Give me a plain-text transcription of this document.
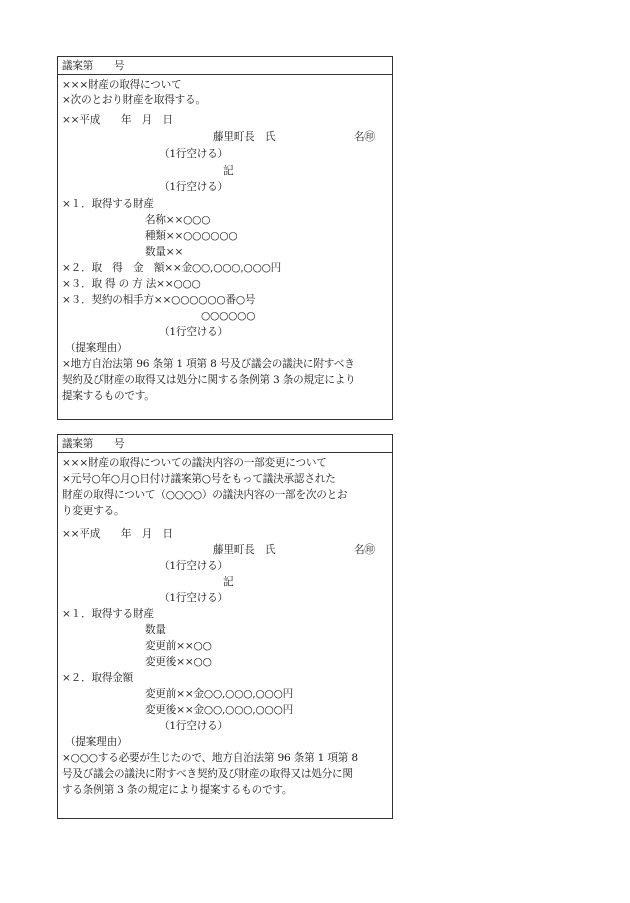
議案第　　号
×××財産の取得について
×次のとおり財産を取得する。
××平成　　年　月　日
藤里町長　氏	名㊞
（1行空ける）
記
（1行空ける）
×１．取得する財産
名称××○○○
種類××○○○○○○
数量××
×２．取　得　金　額××金○○,○○○,○○○円
×３．取 得 の 方 法××○○○
×３．契約の相手方××○○○○○○番○号
○○○○○○
（1行空ける）
（提案理由）
×地方自治法第 96 条第 1 項第 8 号及び議会の議決に附すべき
契約及び財産の取得又は処分に関する条例第 3 条の規定により
提案するものです。
議案第　　号
×××財産の取得についての議決内容の一部変更について
×元号○年○月○日付け議案第○号をもって議決承認された
財産の取得について（○○○○）の議決内容の一部を次のとお
り変更する。
××平成　　年　月　日
藤里町長　氏	名㊞
（1行空ける）
記
（1行空ける）
×１．取得する財産
数量
変更前××○○
変更後××○○
×２．取得金額
変更前××金○○,○○○,○○○円
変更後××金○○,○○○,○○○円
（1行空ける）
（提案理由）
×○○○する必要が生じたので、地方自治法第 96 条第 1 項第 8
号及び議会の議決に附すべき契約及び財産の取得又は処分に関
する条例第 3 条の規定により提案するものです。
